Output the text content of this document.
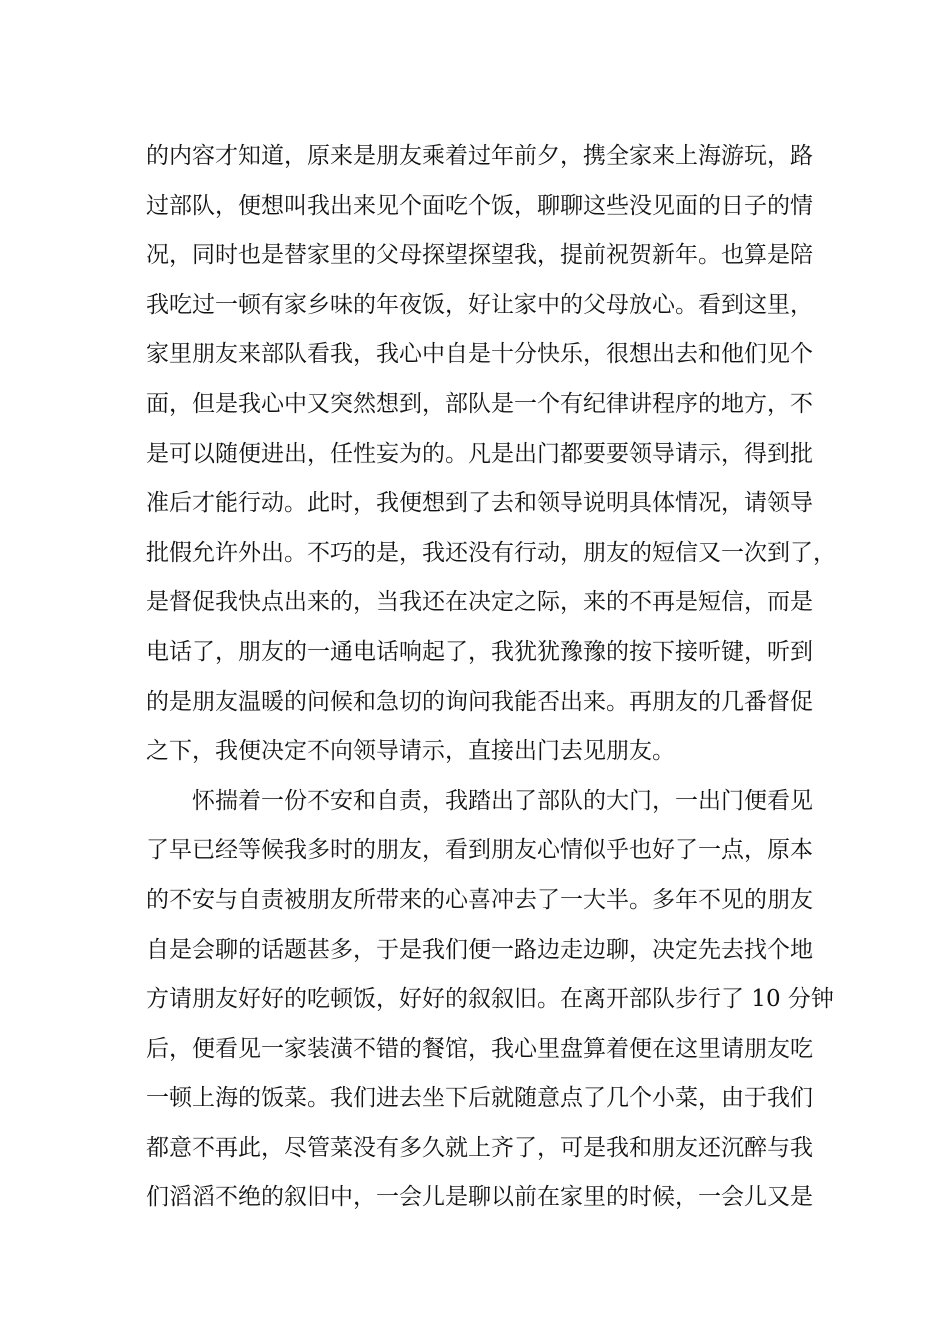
的内容才知道，原来是朋友乘着过年前夕，携全家来上海游玩，路
过部队，便想叫我出来见个面吃个饭，聊聊这些没见面的日子的情
况，同时也是替家里的父母探望探望我，提前祝贺新年。也算是陪
我吃过一顿有家乡味的年夜饭，好让家中的父母放心。看到这里，
家里朋友来部队看我，我心中自是十分快乐，很想出去和他们见个
面，但是我心中又突然想到，部队是一个有纪律讲程序的地方，不
是可以随便进出，任性妄为的。凡是出门都要要领导请示，得到批
准后才能行动。此时，我便想到了去和领导说明具体情况，请领导
批假允许外出。不巧的是，我还没有行动，朋友的短信又一次到了，
是督促我快点出来的，当我还在决定之际，来的不再是短信，而是
电话了，朋友的一通电话响起了，我犹犹豫豫的按下接听键，听到
的是朋友温暖的问候和急切的询问我能否出来。再朋友的几番督促
之下，我便决定不向领导请示，直接出门去见朋友。
怀揣着一份不安和自责，我踏出了部队的大门，一出门便看见
了早已经等候我多时的朋友，看到朋友心情似乎也好了一点，原本
的不安与自责被朋友所带来的心喜冲去了一大半。多年不见的朋友
自是会聊的话题甚多，于是我们便一路边走边聊，决定先去找个地
方请朋友好好的吃顿饭，好好的叙叙旧。在离开部队步行了 10 分钟
后，便看见一家装潢不错的餐馆，我心里盘算着便在这里请朋友吃
一顿上海的饭菜。我们进去坐下后就随意点了几个小菜，由于我们
都意不再此，尽管菜没有多久就上齐了，可是我和朋友还沉醉与我
们滔滔不绝的叙旧中，一会儿是聊以前在家里的时候，一会儿又是
